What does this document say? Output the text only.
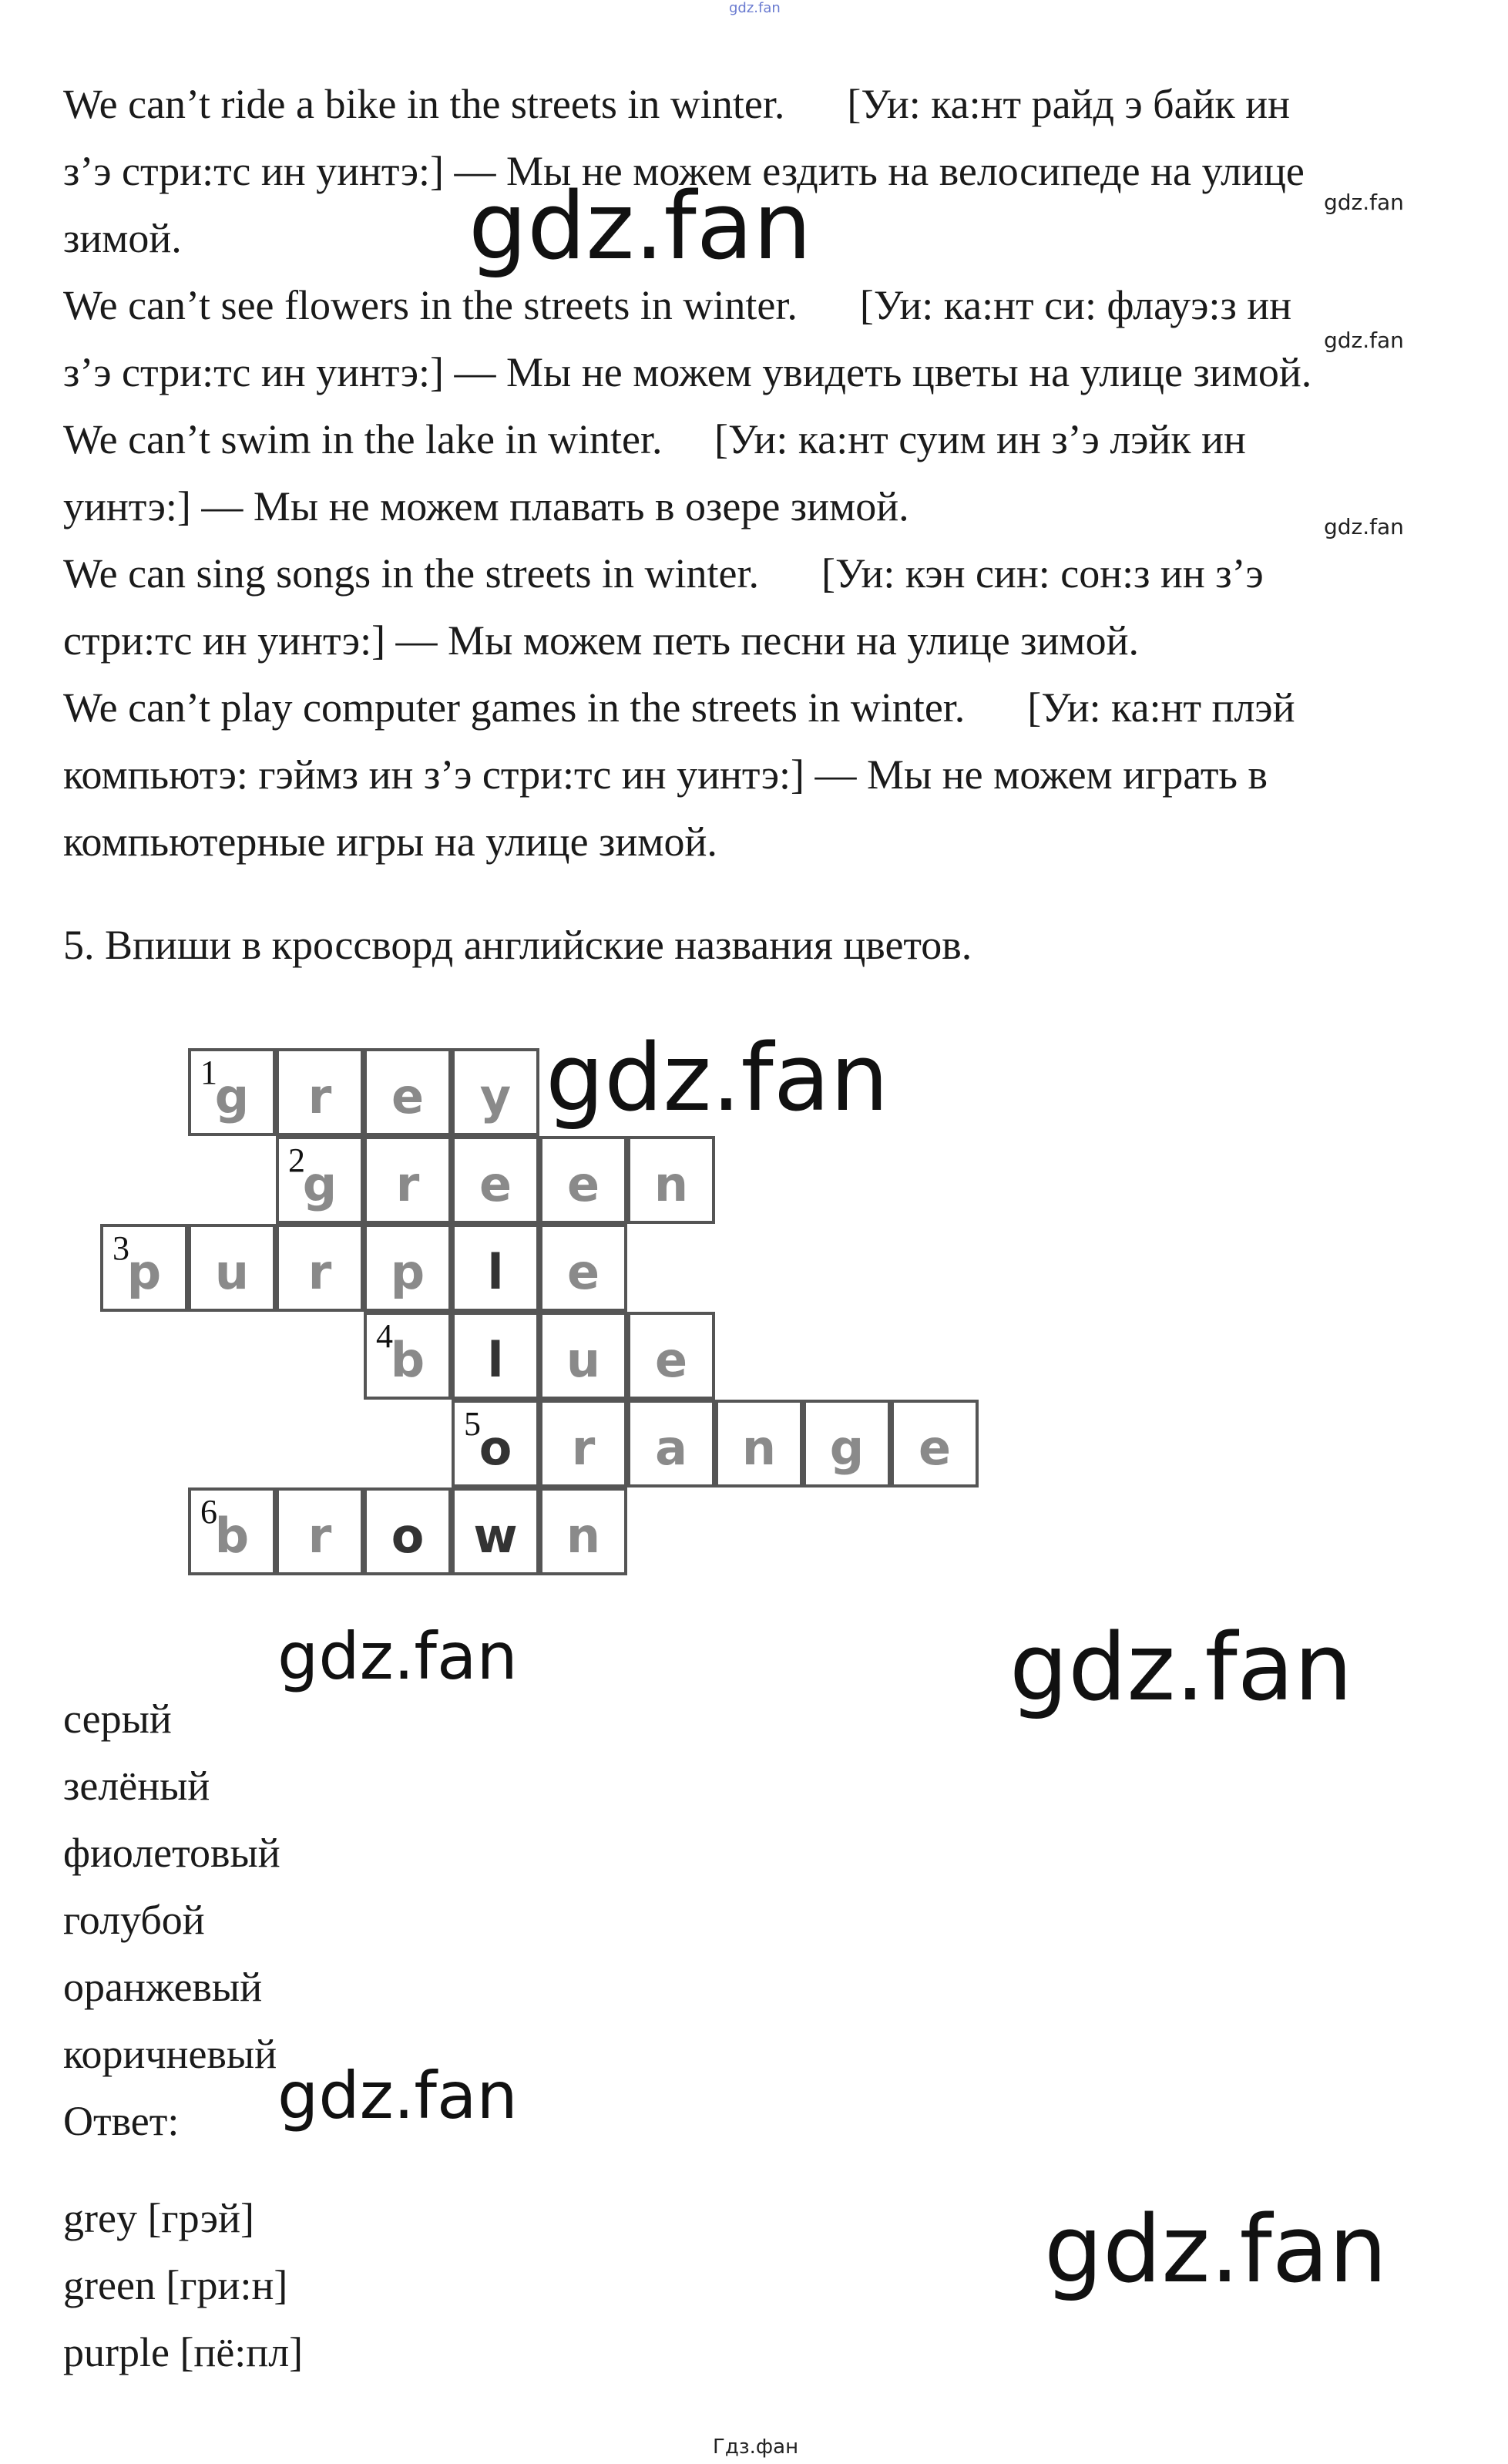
gdz.fan
We can’t ride a bike in the streets in winter.      [Уи: ка:нт райд э байк ин
з’э стри:тс ин уинтэ:] — Мы не можем ездить на велосипеде на улице
зимой.
We can’t see flowers in the streets in winter.      [Уи: ка:нт си: флауэ:з ин
з’э стри:тс ин уинтэ:] — Мы не можем увидеть цветы на улице зимой.
We can’t swim in the lake in winter.     [Уи: ка:нт суим ин з’э лэйк ин
уинтэ:] — Мы не можем плавать в озере зимой.
We can sing songs in the streets in winter.      [Уи: кэн син: сон:з ин з’э
стри:тс ин уинтэ:] — Мы можем петь песни на улице зимой.
We can’t play computer games in the streets in winter.      [Уи: ка:нт плэй
компьютэ: гэймз ин з’э стри:тс ин уинтэ:] — Мы не можем играть в
компьютерные игры на улице зимой.
gdz.fan	gdz.fan
gdz.fan
gdz.fan
5. Впиши в кроссворд английские названия цветов.
1
g	r	e	y
2
g	r	e	e	n
3
p	u	r	p	l	e
4
b	l	u	e
5
o	r	a	n	g	e
6
b	r	o	w	n
gdz.fan
gdz.fan	gdz.fan
серый
зелёный
фиолетовый
голубой
оранжевый
коричневый
Ответ: gdz.fan
grey [грэй]
green [гри:н]
purple [пё:пл]
gdz.fan
Гдз.фан
